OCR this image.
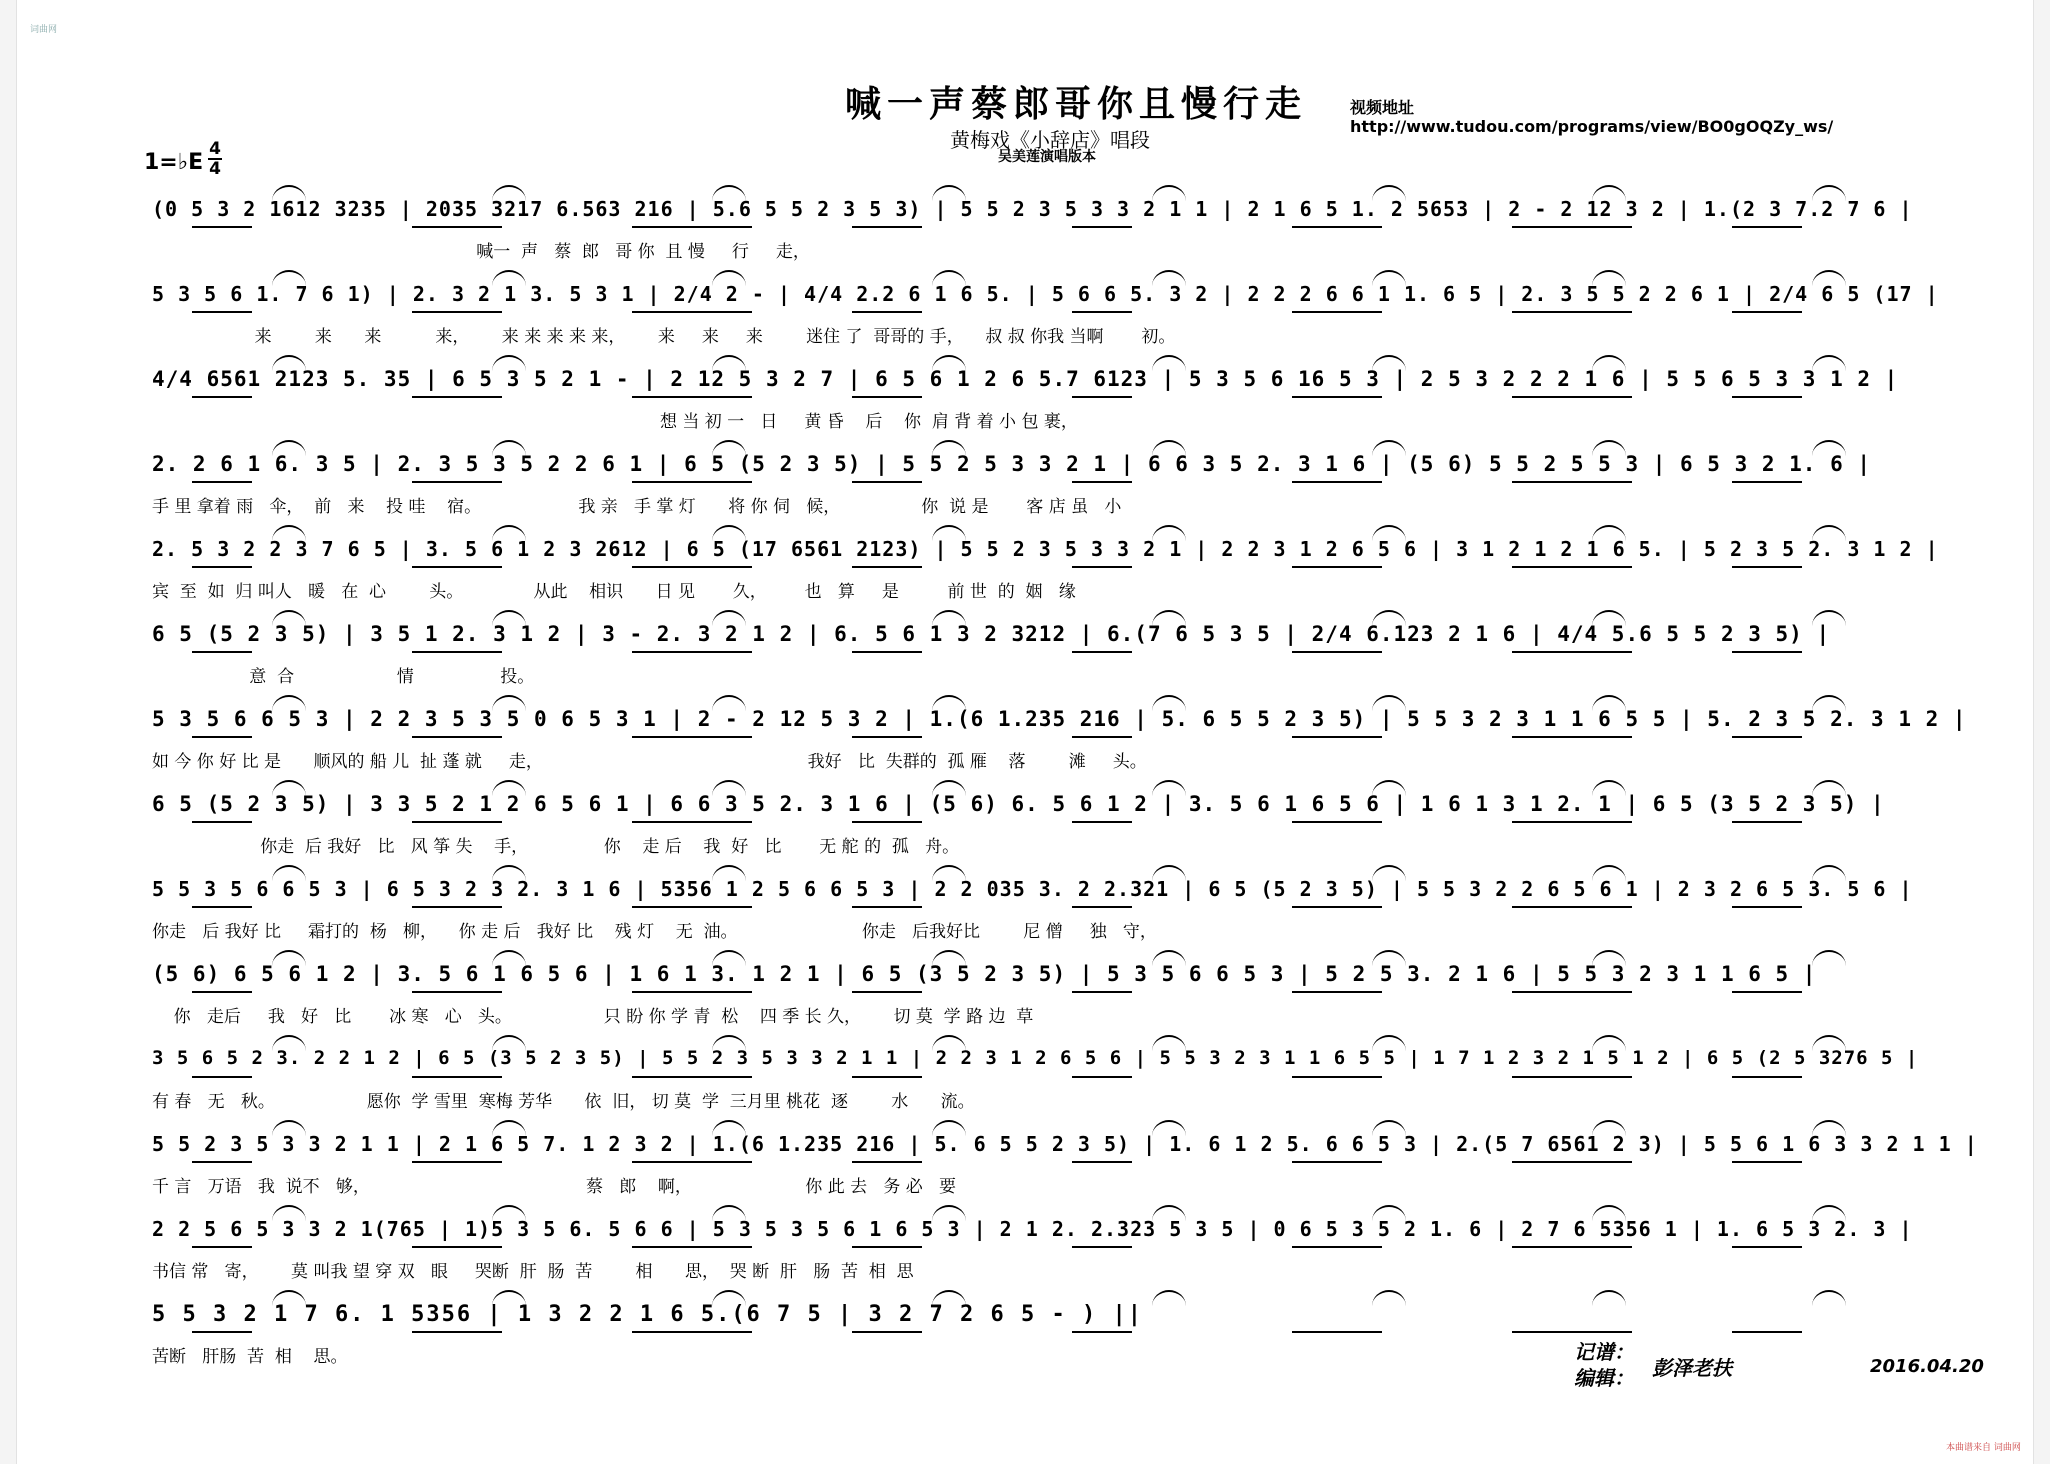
词曲网
喊一声蔡郎哥你且慢行走
黄梅戏《小辞店》唱段
吴美莲演唱版本
视频地址
http://www.tudou.com/programs/view/BO0gOQZy_ws/
1=♭E
4
4
(0 5 3 2 1612 3235 | 2035 3217 6.563 216 | 5.6 5 5 2 3 5 3) | 5 5 2 3 5 3 3 2 1 1 | 2 1 6 5 1. 2 5653 | 2 - 2 12 3 2 | 1.(2 3 7.2 7 6 |
喊一  声   蔡  郎   哥 你  且 慢     行     走，
5 3 5 6 1. 7 6 1) | 2. 3 2 1 3. 5 3 1 | 2/4 2 - | 4/4 2.2 6 1 6 5. | 5 6 6 5. 3 2 | 2 2 2 6 6 1 1. 6 5 | 2. 3 5 5 2 2 6 1 | 2/4 6 5 (17 |
来        来      来          来，      来 来 来 来 来，      来     来     来        迷住 了  哥哥的 手，    叔 叔 你我 当啊       初。
4/4 6561 2123 5. 35 | 6 5 3 5 2 1 - | 2 12 5 3 2 7 | 6 5 6 1 2 6 5.7 6123 | 5 3 5 6 16 5 3 | 2 5 3 2 2 2 1 6 | 5 5 6 5 3 3 1 2 |
想 当 初 一   日     黄 昏    后    你  肩 背 着 小 包 裹，
2. 2 6 1 6. 3 5 | 2. 3 5 3 5 2 2 6 1 | 6 5 (5 2 3 5) | 5 5 2 5 3 3 2 1 | 6 6 3 5 2. 3 1 6 | (5 6) 5 5 2 5 5 3 | 6 5 3 2 1. 6 |
手 里 拿着 雨   伞，  前   来    投 哇    宿。                  我 亲   手 掌 灯      将 你 伺   候，               你  说 是       客 店 虽   小
2. 5 3 2 2 3 7 6 5 | 3. 5 6 1 2 3 2612 | 6 5 (17 6561 2123) | 5 5 2 3 5 3 3 2 1 | 2 2 3 1 2 6 5 6 | 3 1 2 1 2 1 6 5. | 5 2 3 5 2. 3 1 2 |
宾  至  如  归 叫人   暖   在  心        头。             从此    相识      日 见       久，       也   算     是         前 世  的  姻   缘
6 5 (5 2 3 5) | 3 5 1 2. 3 1 2 | 3 - 2. 3 2 1 2 | 6. 5 6 1 3 2 3212 | 6.(7 6 5 3 5 | 2/4 6.123 2 1 6 | 4/4 5.6 5 5 2 3 5) |
意  合                   情                投。
5 3 5 6 6 5 3 | 2 2 3 5 3 5 0 6 5 3 1 | 2 - 2 12 5 3 2 | 1.(6 1.235 216 | 5. 6 5 5 2 3 5) | 5 5 3 2 3 1 1 6 5 5 | 5. 2 3 5 2. 3 1 2 |
如 今 你 好 比 是      顺风的 船 儿  扯 蓬 就     走，                                                 我好   比  失群的  孤 雁    落        滩     头。
6 5 (5 2 3 5) | 3 3 5 2 1 2 6 5 6 1 | 6 6 3 5 2. 3 1 6 | (5 6) 6. 5 6 1 2 | 3. 5 6 1 6 5 6 | 1 6 1 3 1 2. 1 | 6 5 (3 5 2 3 5) |
你走  后 我好   比   风 筝 失    手，              你    走 后    我  好   比       无 舵 的  孤   舟。
5 5 3 5 6 6 5 3 | 6 5 3 2 3 2. 3 1 6 | 5356 1 2 5 6 6 5 3 | 2 2 035 3. 2 2.321 | 6 5 (5 2 3 5) | 5 5 3 2 2 6 5 6 1 | 2 3 2 6 5 3. 5 6 |
你走   后 我好 比     霜打的  杨   柳，    你 走 后   我好 比    残 灯    无  油。                       你走   后我好比        尼 僧     独   守，
(5 6) 6 5 6 1 2 | 3. 5 6 1 6 5 6 | 1 6 1 3. 1 2 1 | 6 5 (3 5 2 3 5) | 5 3 5 6 6 5 3 | 5 2 5 3. 2 1 6 | 5 5 3 2 3 1 1 6 5 |
你   走后     我   好   比       冰 寒   心   头。                 只 盼 你 学 青  松    四 季 长 久，      切 莫  学 路 边  草
3 5 6 5 2 3. 2 2 1 2 | 6 5 (3 5 2 3 5) | 5 5 2 3 5 3 3 2 1 1 | 2 2 3 1 2 6 5 6 | 5 5 3 2 3 1 1 6 5 5 | 1 7 1 2 3 2 1 5 1 2 | 6 5 (2 5 3276 5 |
有 春   无   秋。                 愿你  学 雪里  寒梅 芳华      依  旧， 切 莫  学  三月里 桃花  逐        水      流。
5 5 2 3 5 3 3 2 1 1 | 2 1 6 5 7. 1 2 3 2 | 1.(6 1.235 216 | 5. 6 5 5 2 3 5) | 1. 6 1 2 5. 6 6 5 3 | 2.(5 7 6561 2 3) | 5 5 6 1 6 3 3 2 1 1 |
千 言   万语   我  说不   够，                                        蔡   郎    啊，                     你 此 去   务 必   要
2 2 5 6 5 3 3 2 1(765 | 1)5 3 5 6. 5 6 6 | 5 3 5 3 5 6 1 6 5 3 | 2 1 2. 2.323 5 3 5 | 0 6 5 3 5 2 1. 6 | 2 7 6 5356 1 | 1. 6 5 3 2. 3 |
书信 常   寄，      莫 叫我 望 穿 双   眼     哭断  肝  肠  苦        相      思，  哭 断  肝   肠  苦  相  思
5 5 3 2 1 7 6. 1 5356 | 1 3 2 2 1 6 5.(6 7 5 | 3 2 7 2 6 5 - ) ||
苦断   肝肠  苦  相    思。	记谱：
编辑： 彭泽老扶	2016.04.20
本曲谱来自 词曲网
